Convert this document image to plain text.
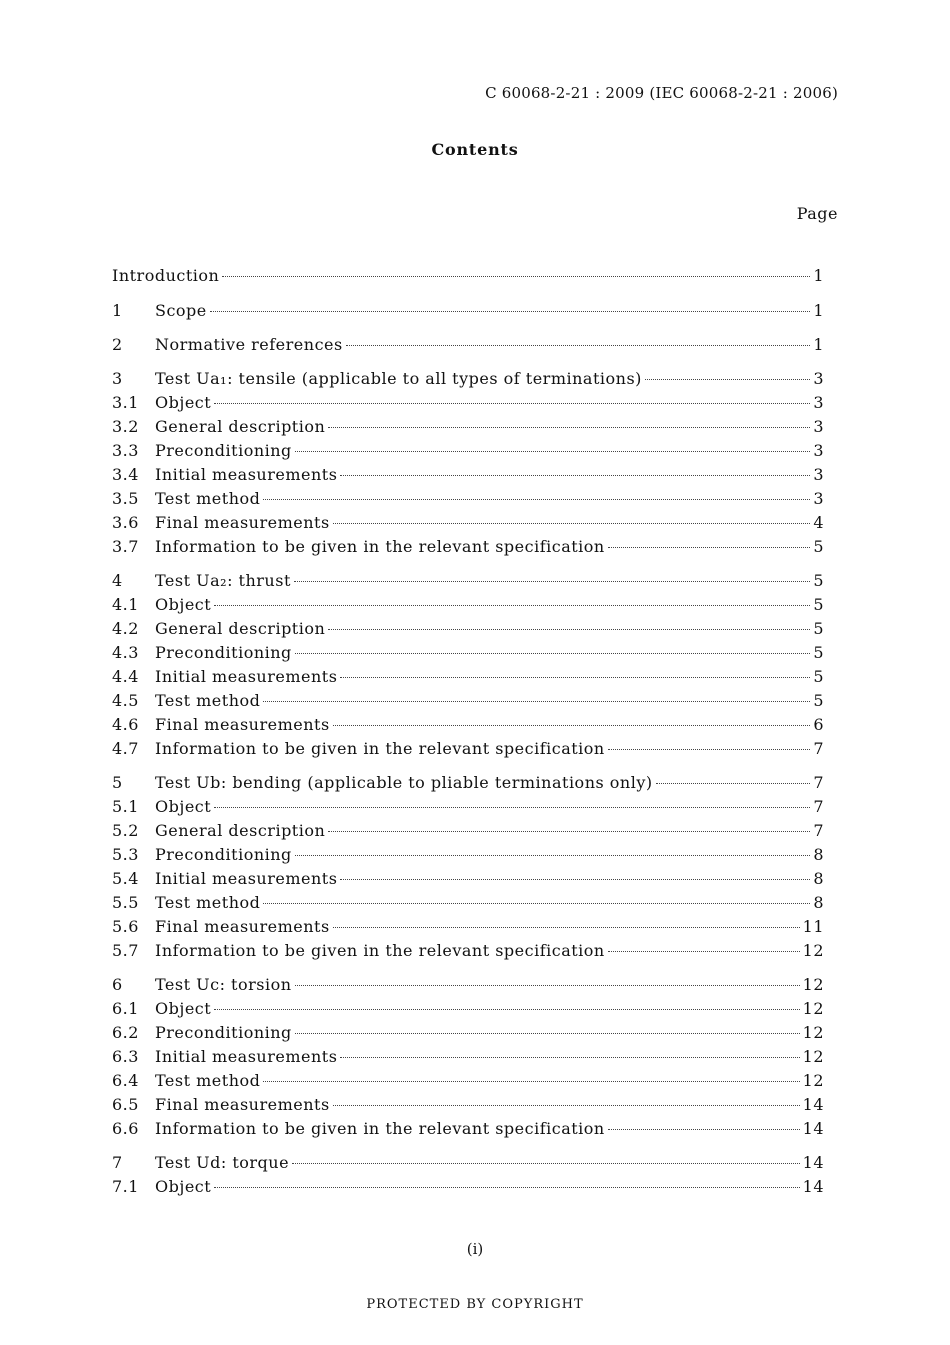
C 60068-2-21 : 2009 (IEC 60068-2-21 : 2006)
Contents
Page
Introduction	1
1	Scope	1
2	Normative references	1
3	Test Ua₁: tensile (applicable to all types of terminations)	3
3.1	Object	3
3.2	General description	3
3.3	Preconditioning	3
3.4	Initial measurements	3
3.5	Test method	3
3.6	Final measurements	4
3.7	Information to be given in the relevant specification	5
4	Test Ua₂: thrust	5
4.1	Object	5
4.2	General description	5
4.3	Preconditioning	5
4.4	Initial measurements	5
4.5	Test method	5
4.6	Final measurements	6
4.7	Information to be given in the relevant specification	7
5	Test Ub: bending (applicable to pliable terminations only)	7
5.1	Object	7
5.2	General description	7
5.3	Preconditioning	8
5.4	Initial measurements	8
5.5	Test method	8
5.6	Final measurements	11
5.7	Information to be given in the relevant specification	12
6	Test Uc: torsion	12
6.1	Object	12
6.2	Preconditioning	12
6.3	Initial measurements	12
6.4	Test method	12
6.5	Final measurements	14
6.6	Information to be given in the relevant specification	14
7	Test Ud: torque	14
7.1	Object	14
(i)
PROTECTED BY COPYRIGHT
